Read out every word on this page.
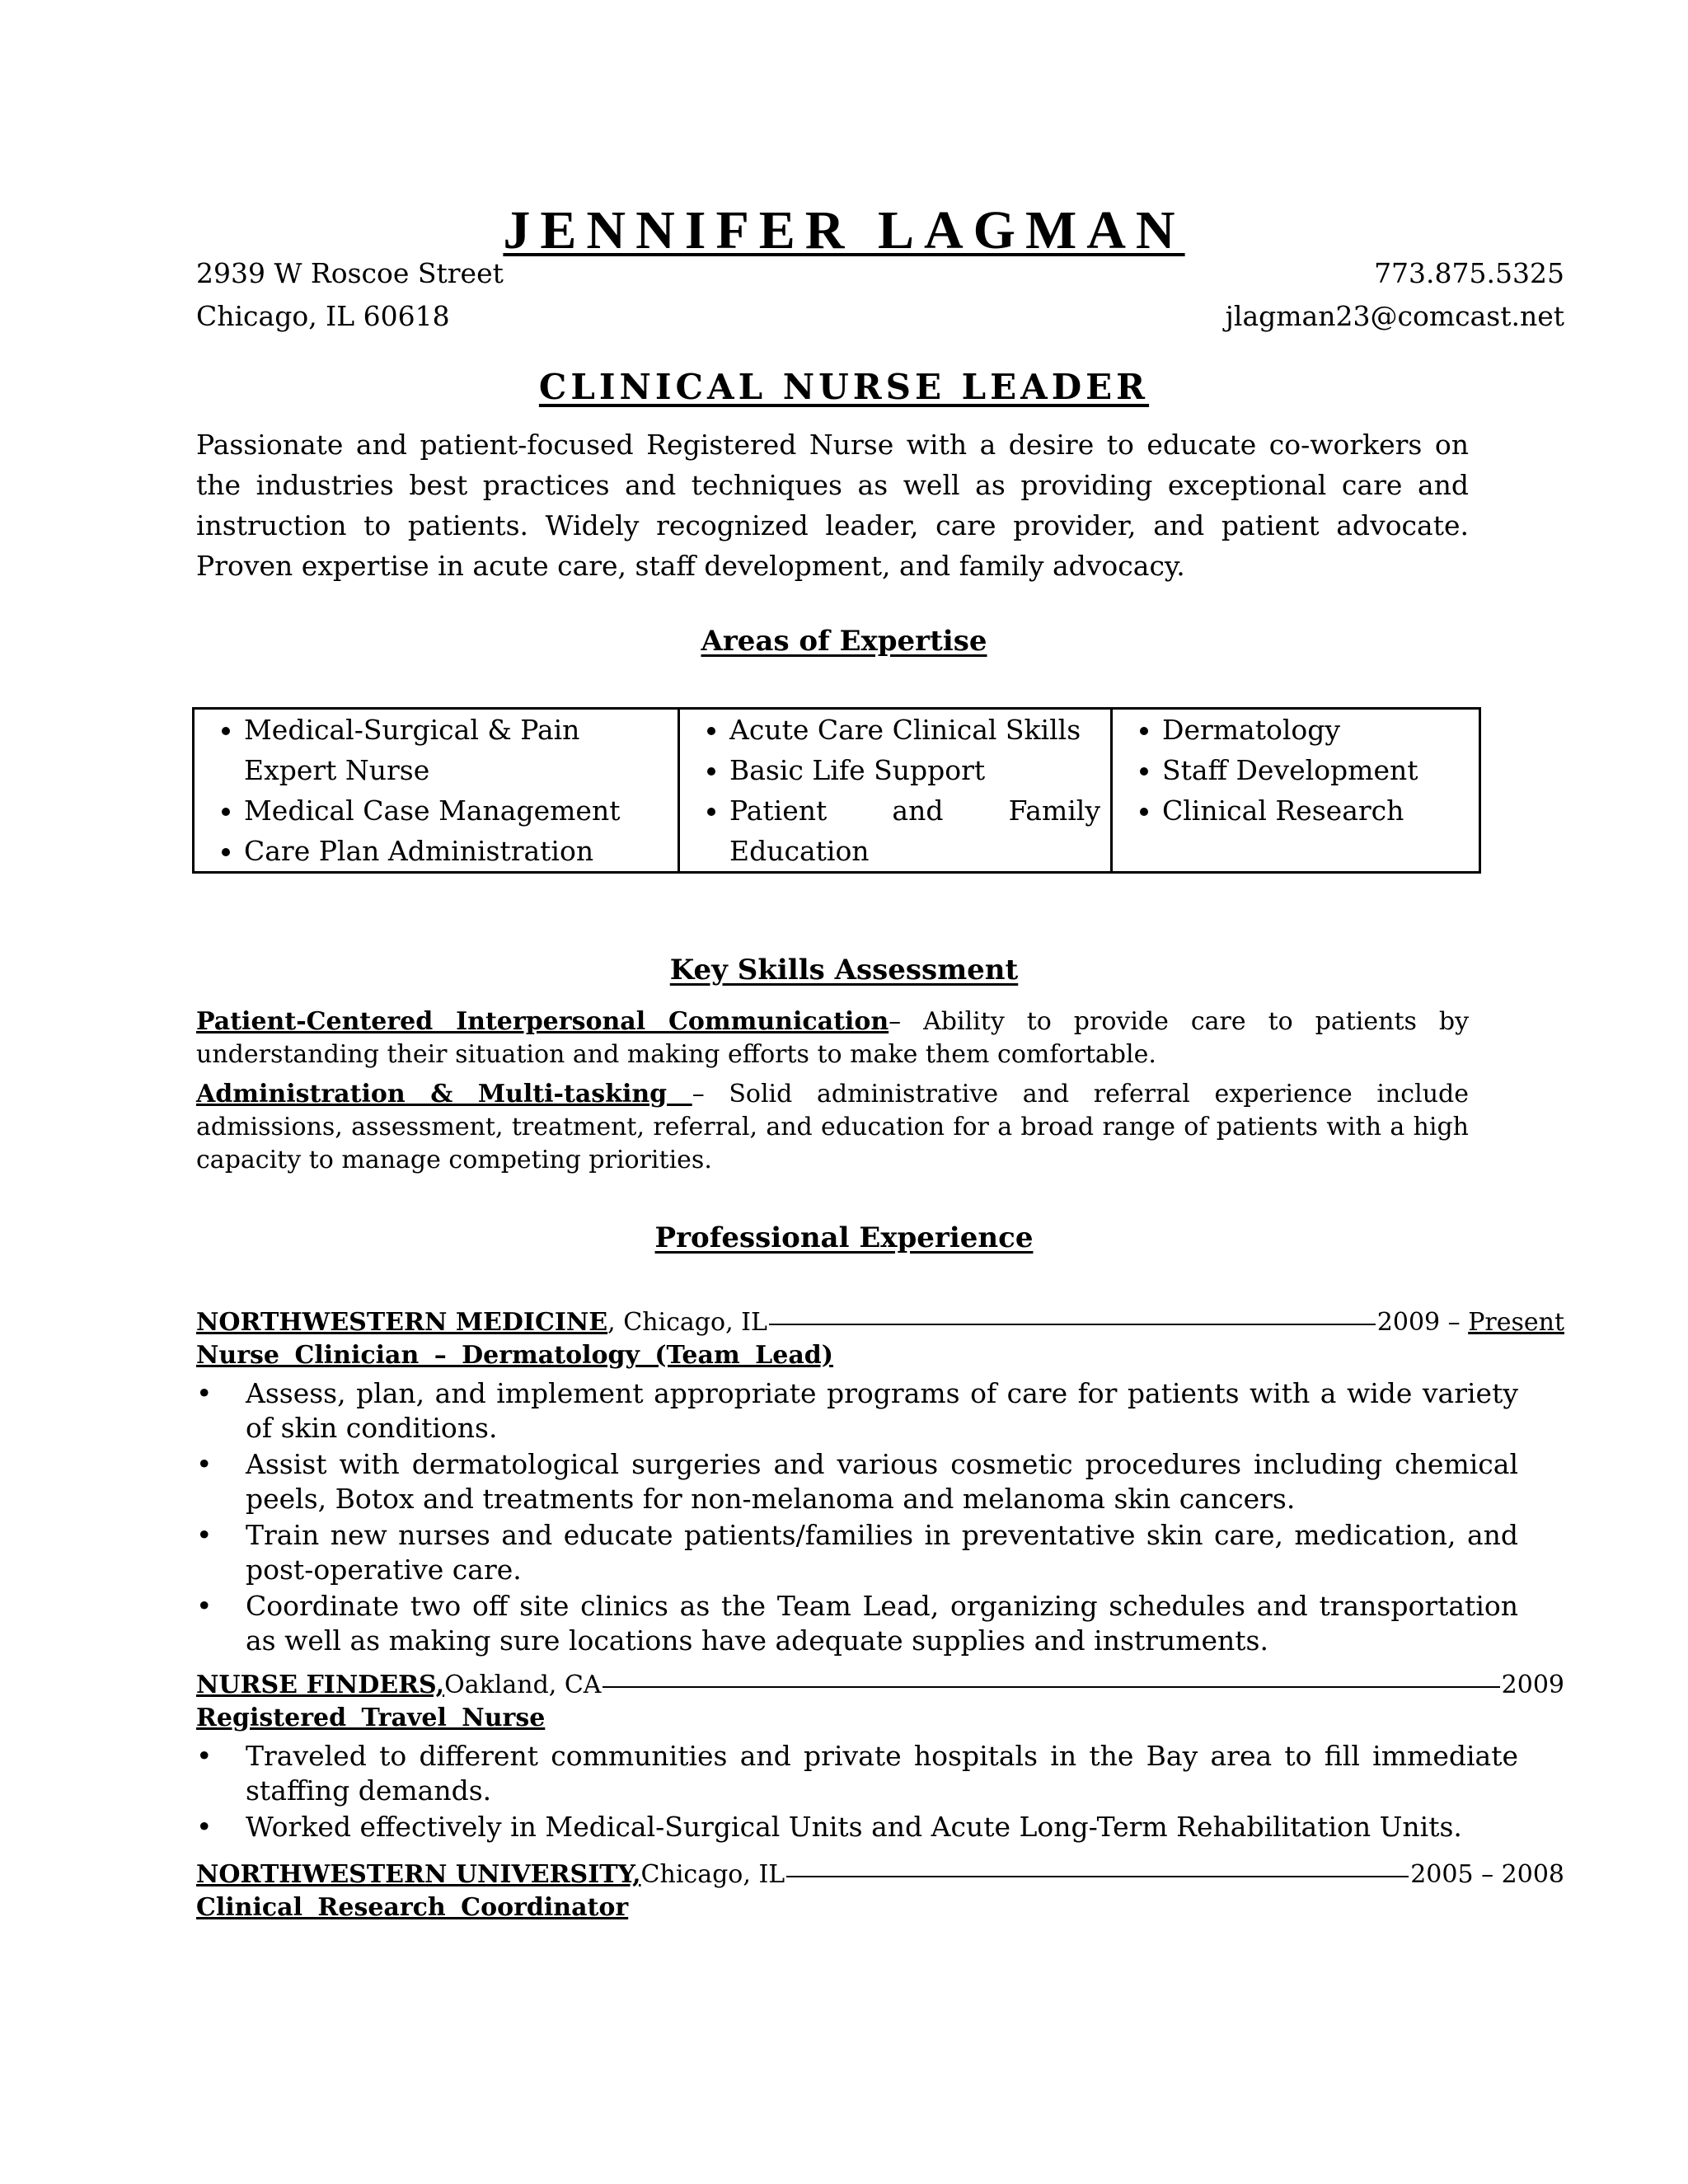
JENNIFER LAGMAN
2939 W Roscoe Street
Chicago, IL 60618
773.875.5325
jlagman23@comcast.net
CLINICAL NURSE LEADER
Passionate and patient-focused Registered Nurse with a desire to educate co-workers on the industries best practices and techniques as well as providing exceptional care and instruction to patients. Widely recognized leader, care provider, and patient advocate. Proven expertise in acute care, staff development, and family advocacy.
Areas of Expertise
• Medical-Surgical & Pain Expert Nurse
• Medical Case Management
• Care Plan Administration

• Acute Care Clinical Skills
• Basic Life Support
• Patient and Family Education

• Dermatology
• Staff Development
• Clinical Research
Key Skills Assessment
Patient-Centered Interpersonal Communication– Ability to provide care to patients by understanding their situation and making efforts to make them comfortable.
Administration & Multi-tasking – Solid administrative and referral experience include admissions, assessment, treatment, referral, and education for a broad range of patients with a high capacity to manage competing priorities.
Professional Experience
NORTHWESTERN MEDICINE , Chicago, IL	2009 – Present
Nurse Clinician – Dermatology (Team Lead)
• Assess, plan, and implement appropriate programs of care for patients with a wide variety of skin conditions.
• Assist with dermatological surgeries and various cosmetic procedures including chemical peels, Botox and treatments for non-melanoma and melanoma skin cancers.
• Train new nurses and educate patients/families in preventative skin care, medication, and post-operative care.
• Coordinate two off site clinics as the Team Lead, organizing schedules and transportation as well as making sure locations have adequate supplies and instruments.
NURSE FINDERS, Oakland, CA	2009
Registered Travel Nurse
• Traveled to different communities and private hospitals in the Bay area to fill immediate staffing demands.
• Worked effectively in Medical-Surgical Units and Acute Long-Term Rehabilitation Units.
NORTHWESTERN UNIVERSITY, Chicago, IL	2005 – 2008
Clinical Research Coordinator
